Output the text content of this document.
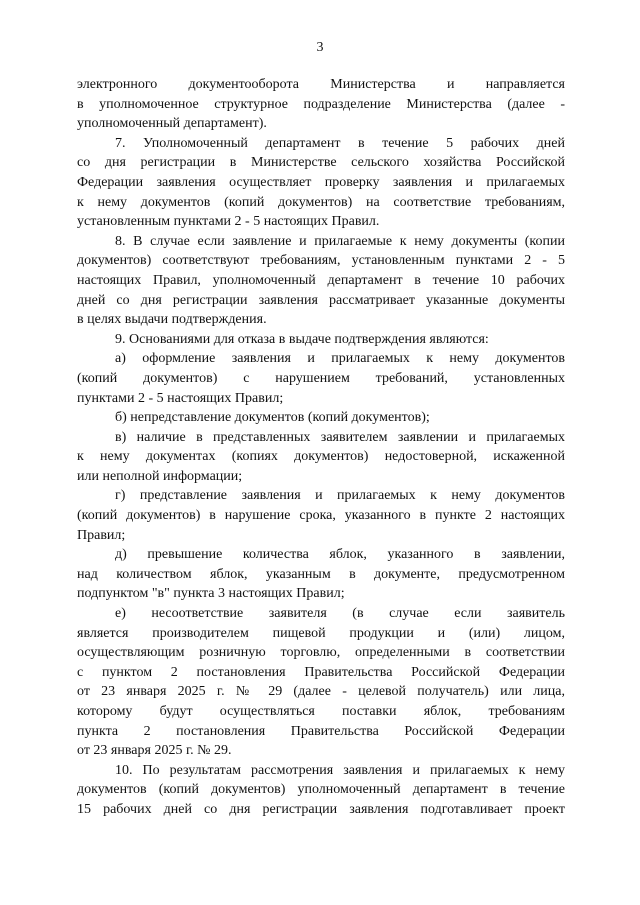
3
электронного документооборота Министерства и направляется
в уполномоченное структурное подразделение Министерства (далее -
уполномоченный департамент).
7. Уполномоченный департамент в течение 5 рабочих дней
со дня регистрации в Министерстве сельского хозяйства Российской
Федерации заявления осуществляет проверку заявления и прилагаемых
к нему документов (копий документов) на соответствие требованиям,
установленным пунктами 2 - 5 настоящих Правил.
8. В случае если заявление и прилагаемые к нему документы (копии
документов) соответствуют требованиям, установленным пунктами 2 - 5
настоящих Правил, уполномоченный департамент в течение 10 рабочих
дней со дня регистрации заявления рассматривает указанные документы
в целях выдачи подтверждения.
9. Основаниями для отказа в выдаче подтверждения являются:
а) оформление заявления и прилагаемых к нему документов
(копий документов) с нарушением требований, установленных
пунктами 2 - 5 настоящих Правил;
б) непредставление документов (копий документов);
в) наличие в представленных заявителем заявлении и прилагаемых
к нему документах (копиях документов) недостоверной, искаженной
или неполной информации;
г) представление заявления и прилагаемых к нему документов
(копий документов) в нарушение срока, указанного в пункте 2 настоящих
Правил;
д) превышение количества яблок, указанного в заявлении,
над количеством яблок, указанным в документе, предусмотренном
подпунктом "в" пункта 3 настоящих Правил;
е) несоответствие заявителя (в случае если заявитель
является производителем пищевой продукции и (или) лицом,
осуществляющим розничную торговлю, определенными в соответствии
с пунктом 2 постановления Правительства Российской Федерации
от 23 января 2025 г. № 29 (далее - целевой получатель) или лица,
которому будут осуществляться поставки яблок, требованиям
пункта 2 постановления Правительства Российской Федерации
от 23 января 2025 г. № 29.
10. По результатам рассмотрения заявления и прилагаемых к нему
документов (копий документов) уполномоченный департамент в течение
15 рабочих дней со дня регистрации заявления подготавливает проект
